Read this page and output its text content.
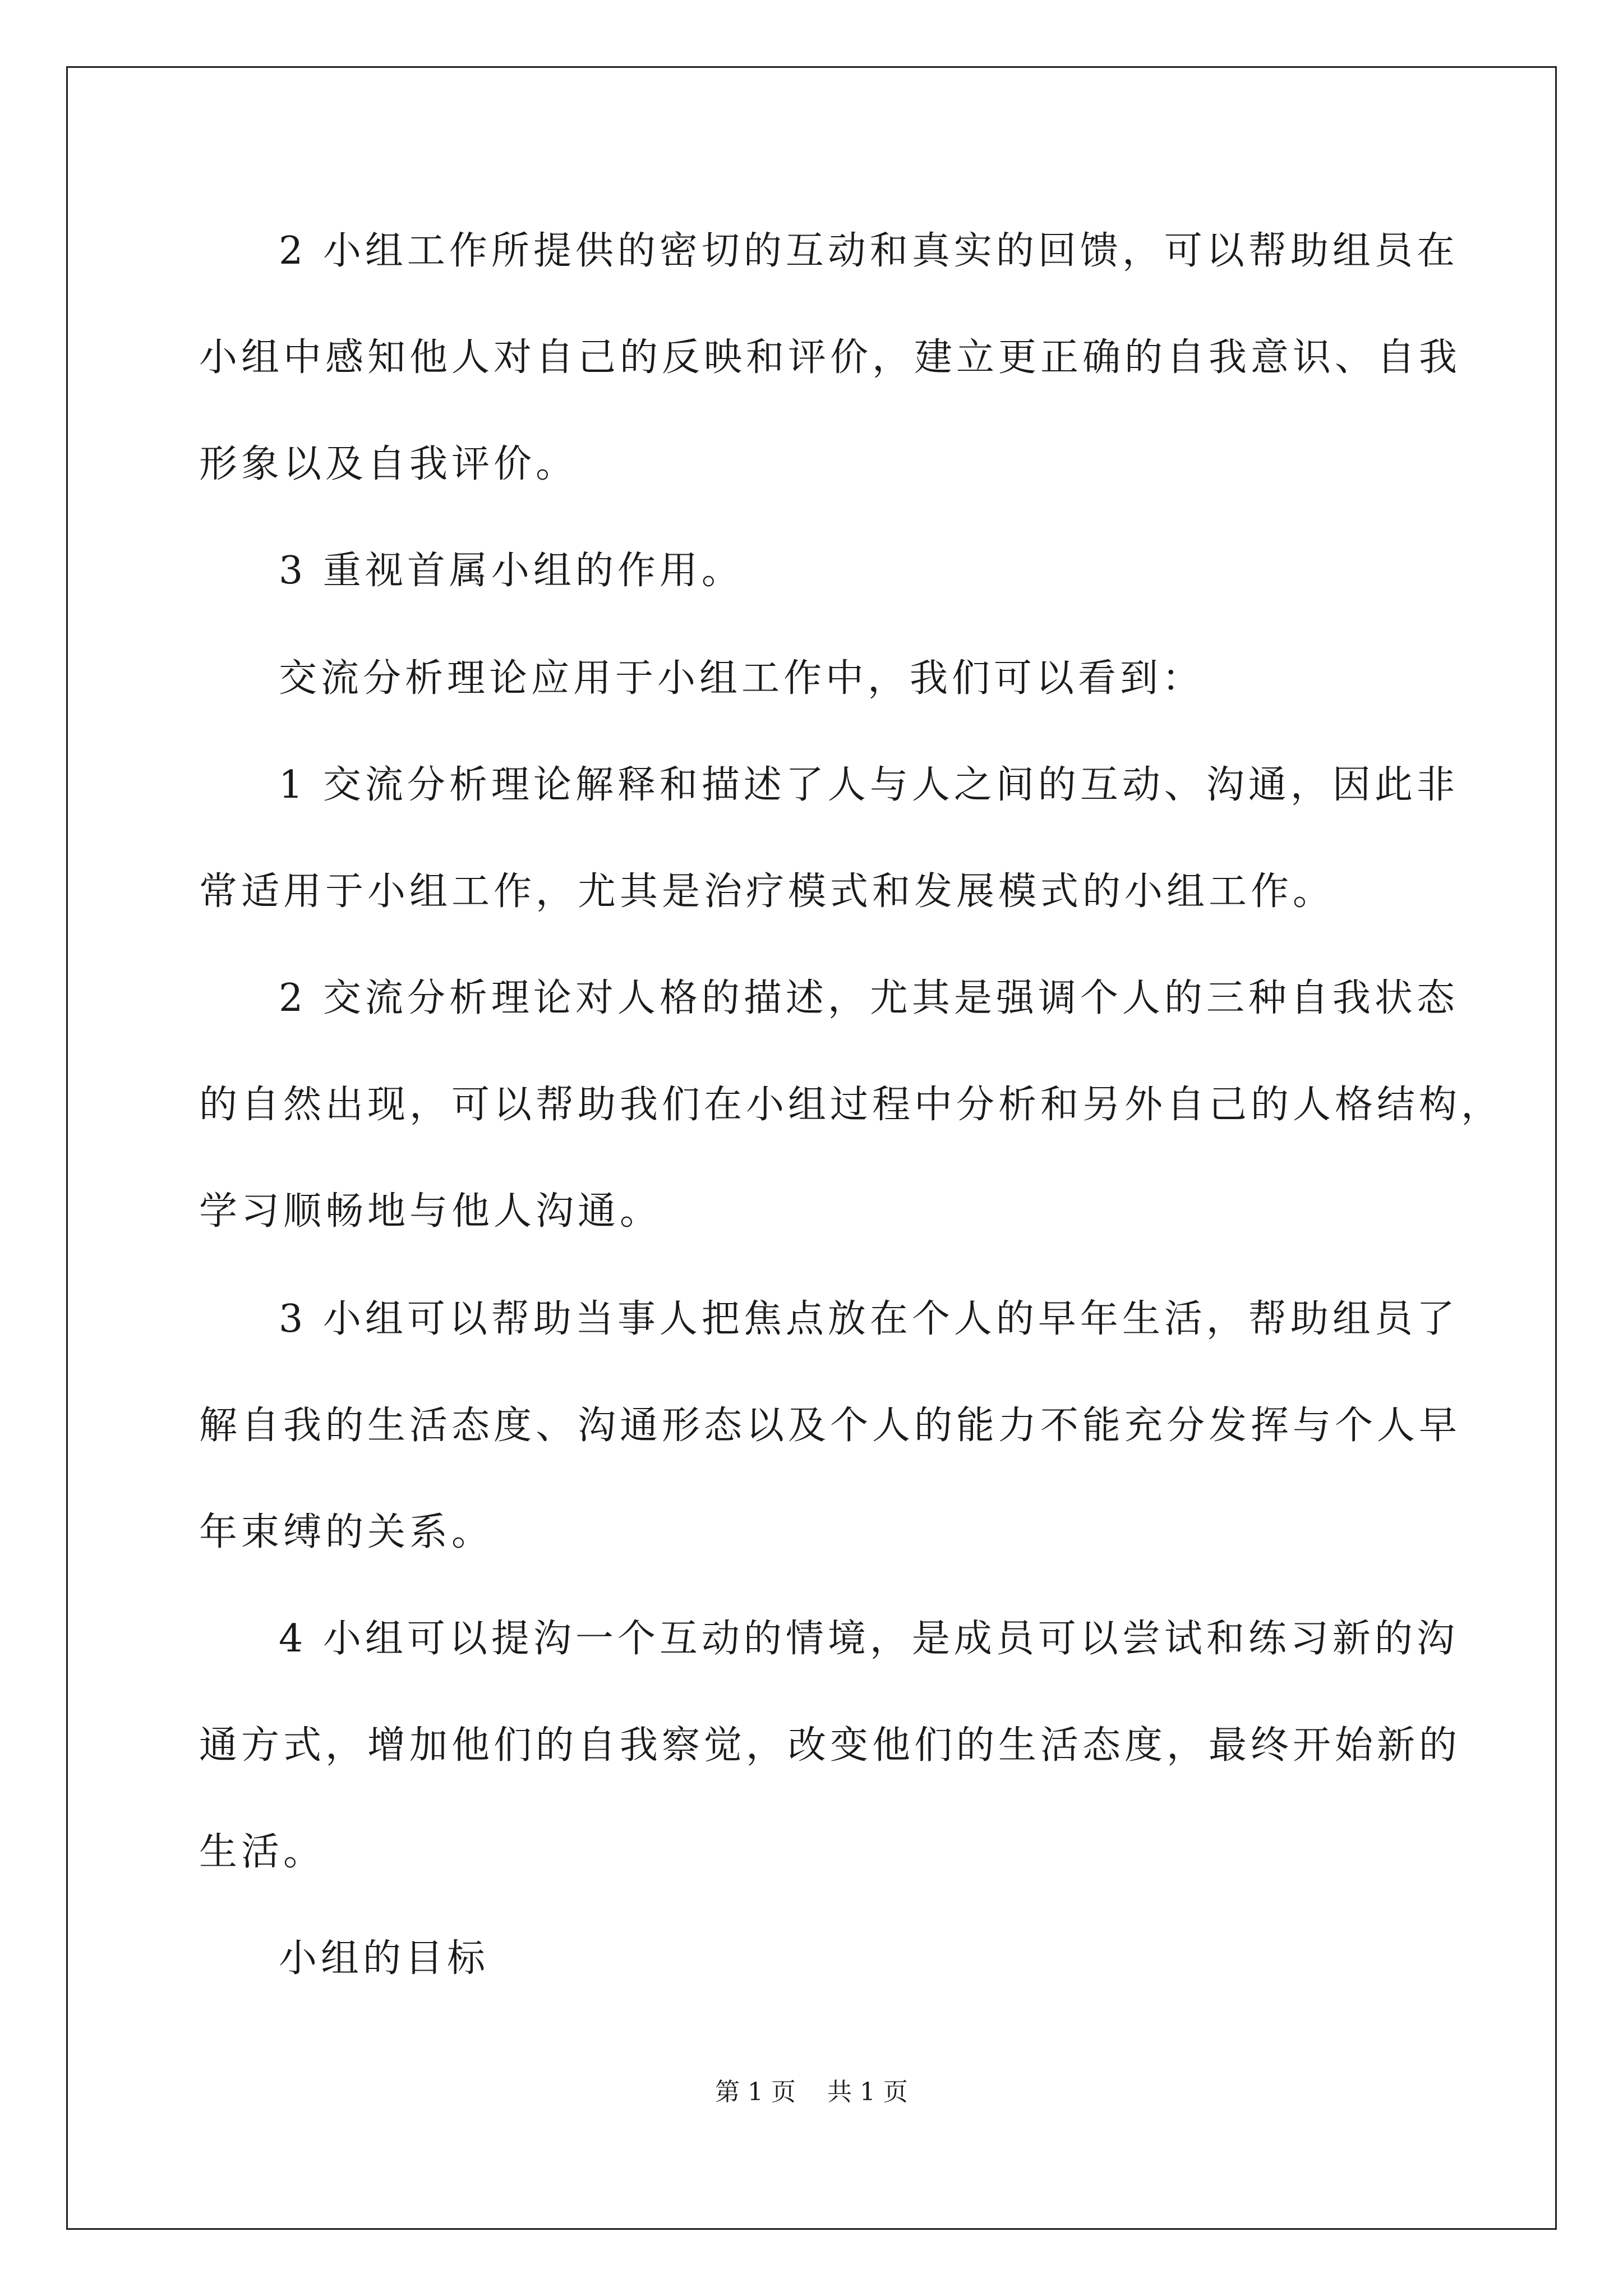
2 小组工作所提供的密切的互动和真实的回馈，可以帮助组员在
小组中感知他人对自己的反映和评价，建立更正确的自我意识、自我
形象以及自我评价。
3 重视首属小组的作用。
交流分析理论应用于小组工作中，我们可以看到：
1 交流分析理论解释和描述了人与人之间的互动、沟通，因此非
常适用于小组工作，尤其是治疗模式和发展模式的小组工作。
2 交流分析理论对人格的描述，尤其是强调个人的三种自我状态
的自然出现，可以帮助我们在小组过程中分析和另外自己的人格结构，
学习顺畅地与他人沟通。
3 小组可以帮助当事人把焦点放在个人的早年生活，帮助组员了
解自我的生活态度、沟通形态以及个人的能力不能充分发挥与个人早
年束缚的关系。
4 小组可以提沟一个互动的情境，是成员可以尝试和练习新的沟
通方式，增加他们的自我察觉，改变他们的生活态度，最终开始新的
生活。
小组的目标
第 1 页    共 1 页
